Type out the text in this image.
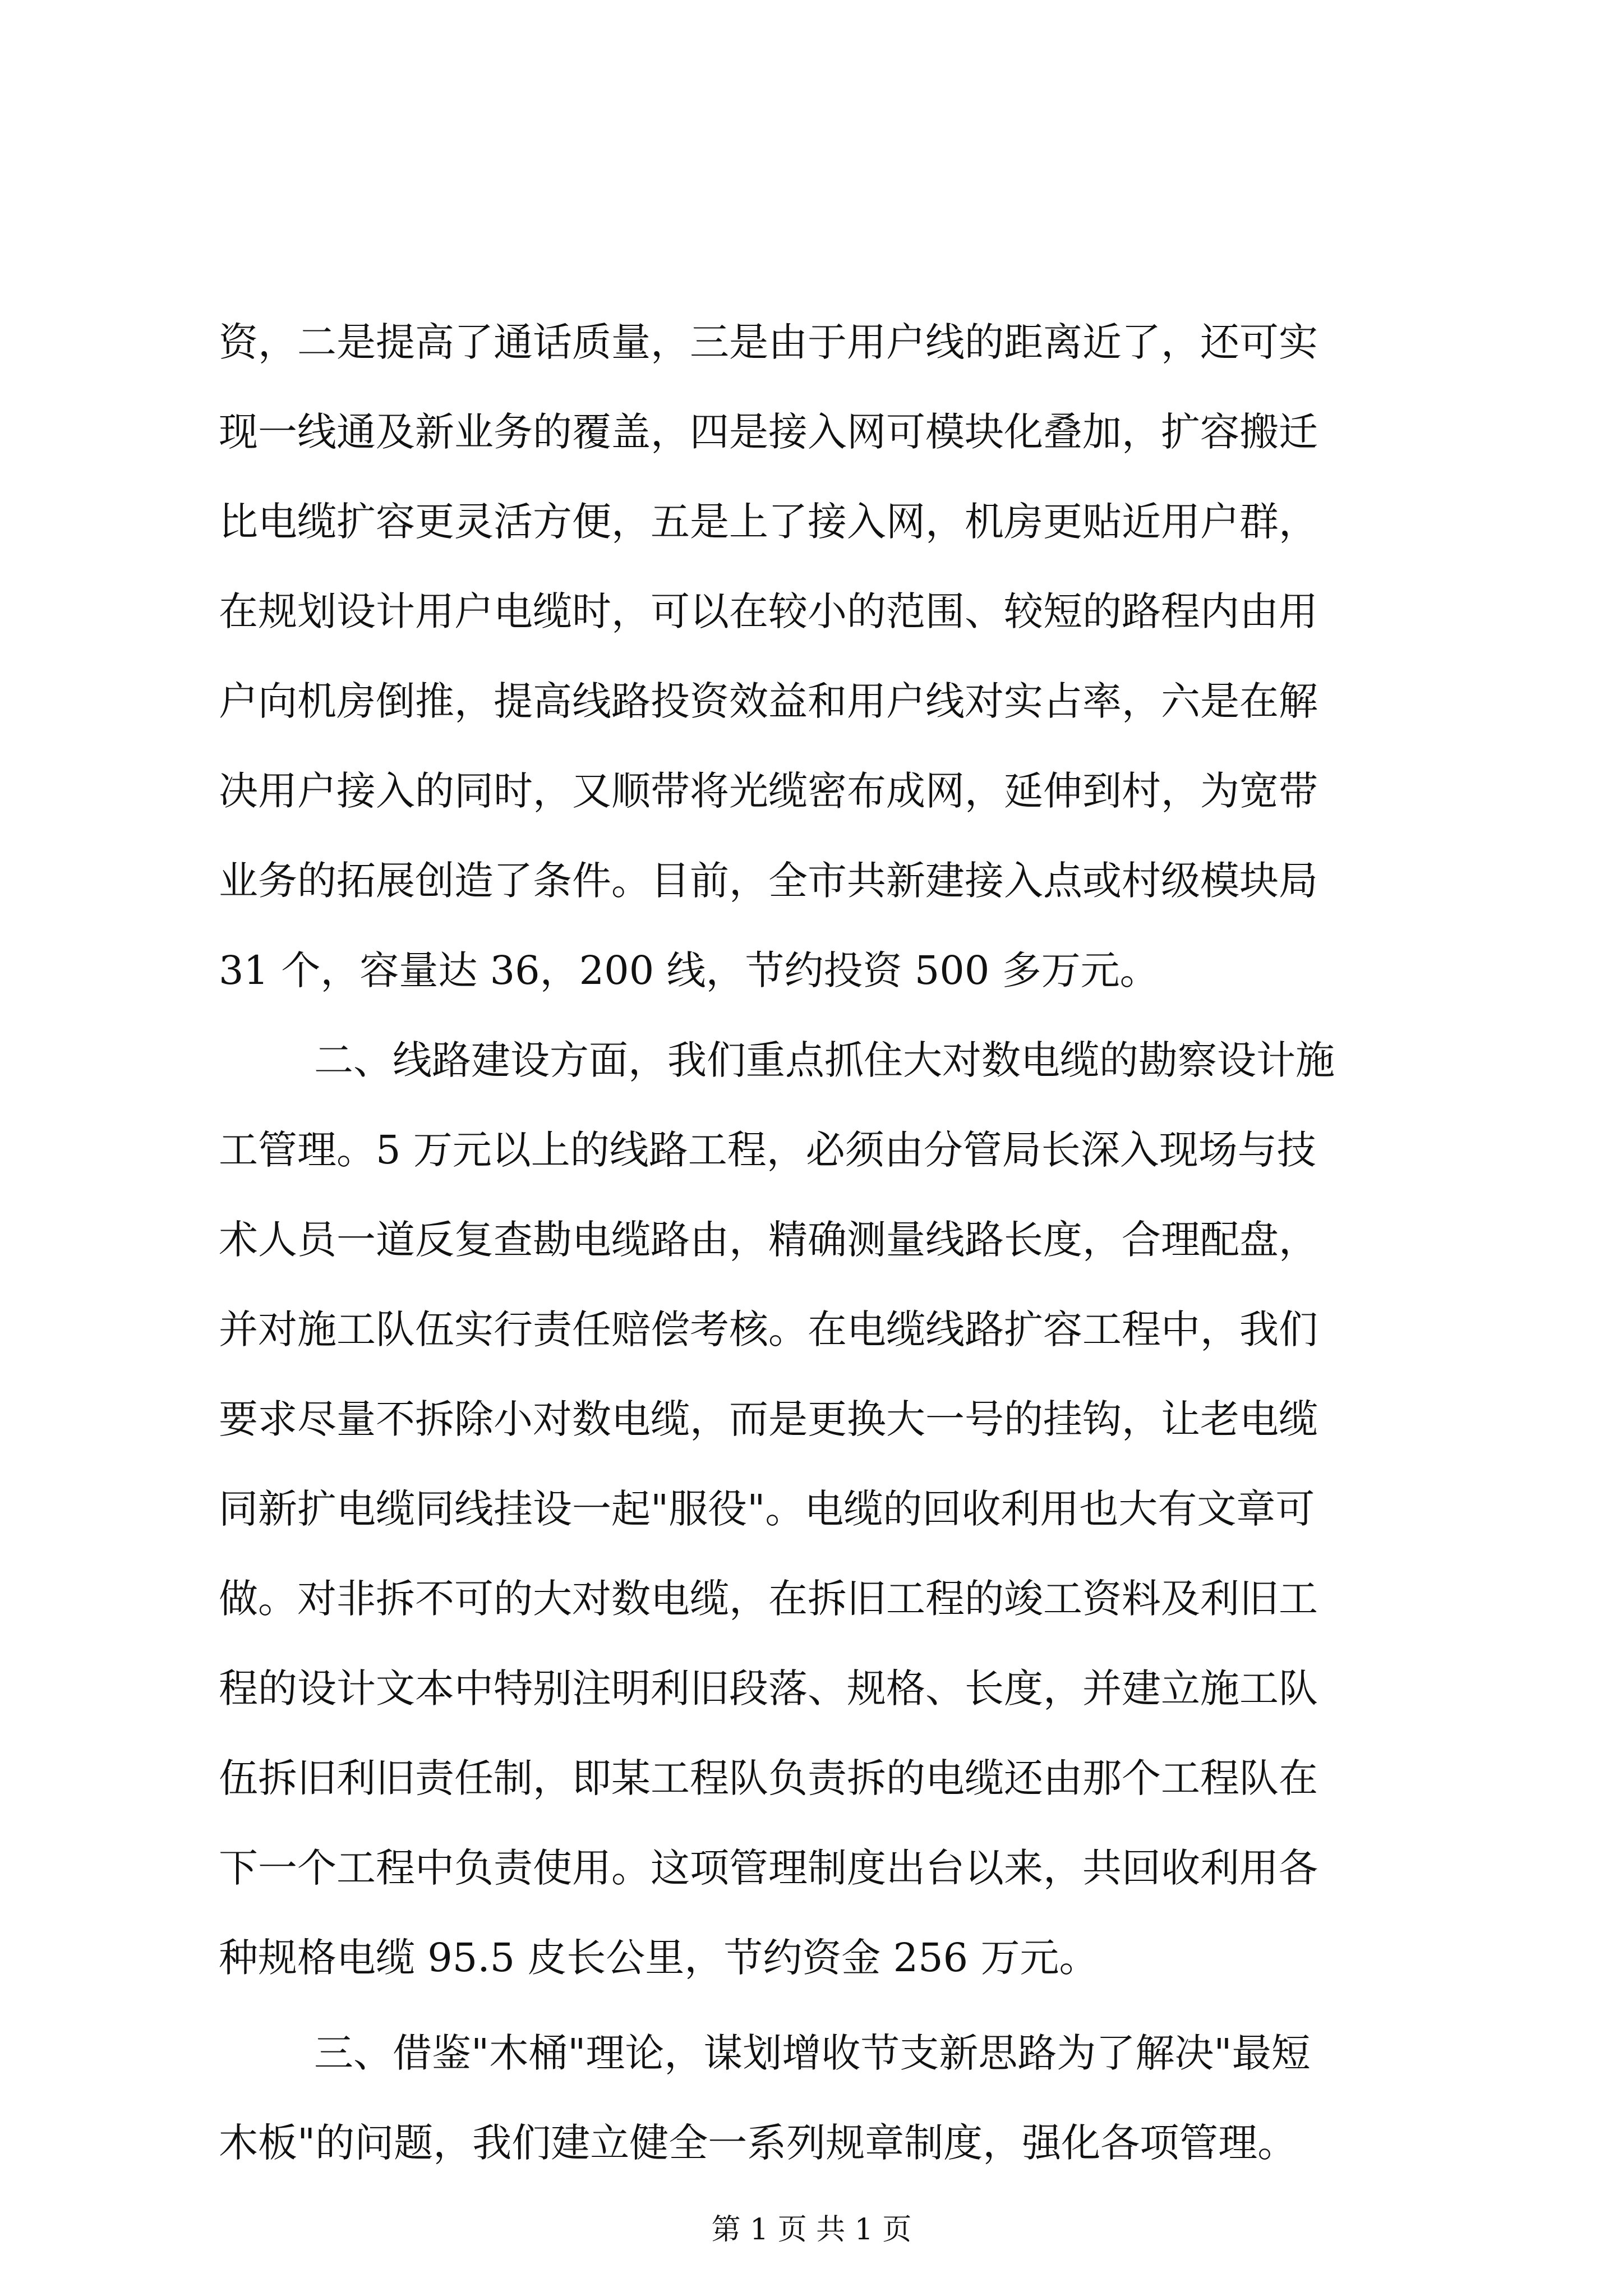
资，二是提高了通话质量，三是由于用户线的距离近了，还可实
现一线通及新业务的覆盖，四是接入网可模块化叠加，扩容搬迁
比电缆扩容更灵活方便，五是上了接入网，机房更贴近用户群，
在规划设计用户电缆时，可以在较小的范围、较短的路程内由用
户向机房倒推，提高线路投资效益和用户线对实占率，六是在解
决用户接入的同时，又顺带将光缆密布成网，延伸到村，为宽带
业务的拓展创造了条件。目前，全市共新建接入点或村级模块局
31 个，容量达 36，200 线，节约投资 500 多万元。
二、线路建设方面，我们重点抓住大对数电缆的勘察设计施
工管理。5 万元以上的线路工程，必须由分管局长深入现场与技
术人员一道反复查勘电缆路由，精确测量线路长度，合理配盘，
并对施工队伍实行责任赔偿考核。在电缆线路扩容工程中，我们
要求尽量不拆除小对数电缆，而是更换大一号的挂钩，让老电缆
同新扩电缆同线挂设一起"服役"。电缆的回收利用也大有文章可
做。对非拆不可的大对数电缆，在拆旧工程的竣工资料及利旧工
程的设计文本中特别注明利旧段落、规格、长度，并建立施工队
伍拆旧利旧责任制，即某工程队负责拆的电缆还由那个工程队在
下一个工程中负责使用。这项管理制度出台以来，共回收利用各
种规格电缆 95.5 皮长公里，节约资金 256 万元。
三、借鉴"木桶"理论，谋划增收节支新思路为了解决"最短
木板"的问题，我们建立健全一系列规章制度，强化各项管理。
第 1 页 共 1 页
